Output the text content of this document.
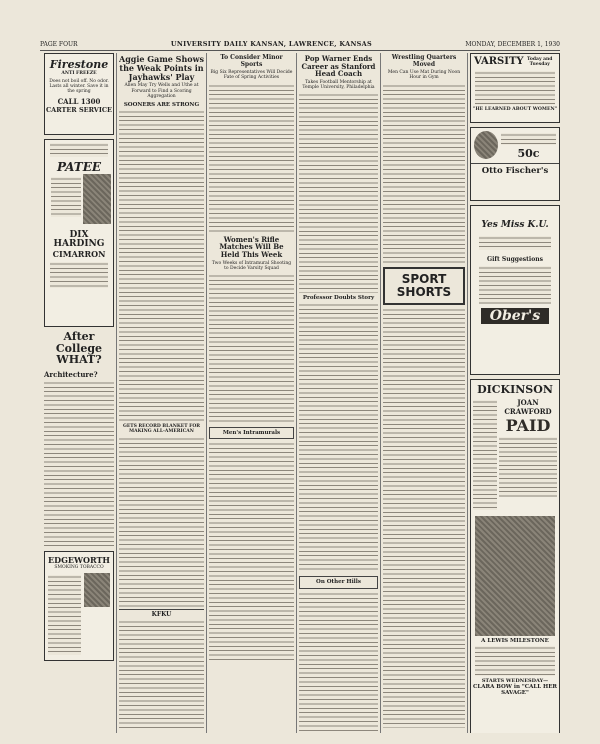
PAGE FOUR	UNIVERSITY DAILY KANSAN, LAWRENCE, KANSAS	MONDAY, DECEMBER 1, 1930
Firestone
ANTI FREEZE
Does not boil off. No odor. Lasts all winter. Save it in the spring
CALL 1300
CARTER SERVICE
PATEE
DIX HARDING
CIMARRON
After College WHAT?
Architecture?
EDGEWORTH
SMOKING TOBACCO
Aggie Game Shows the Weak Points in Jayhawks' Play
Allen May Try Wells and Uthe at Forward to Find a Scoring Aggregation
SOONERS ARE STRONG
GETS RECORD BLANKET FOR MAKING ALL-AMERICAN
KFKU
To Consider Minor Sports
Big Six Representatives Will Decide Fate of Spring Activities
Women's Rifle Matches Will Be Held This Week
Two Weeks of Intramural Shooting to Decide Varsity Squad
Men's Intramurals
Pop Warner Ends Career as Stanford Head Coach
Takes Football Mentorship at Temple University, Philadelphia
Professor Doubts Story
On Other Hills
Wrestling Quarters Moved
Men Can Use Mat During Noon Hour in Gym
SPORT SHORTS
VARSITY Today and Tuesday
"HE LEARNED ABOUT WOMEN"
50c
Otto Fischer's
Yes Miss K.U.
Gift Suggestions
Ober's
DICKINSON
JOAN CRAWFORD
PAID
A LEWIS MILESTONE
STARTS WEDNESDAY—
CLARA BOW in "CALL HER SAVAGE"
